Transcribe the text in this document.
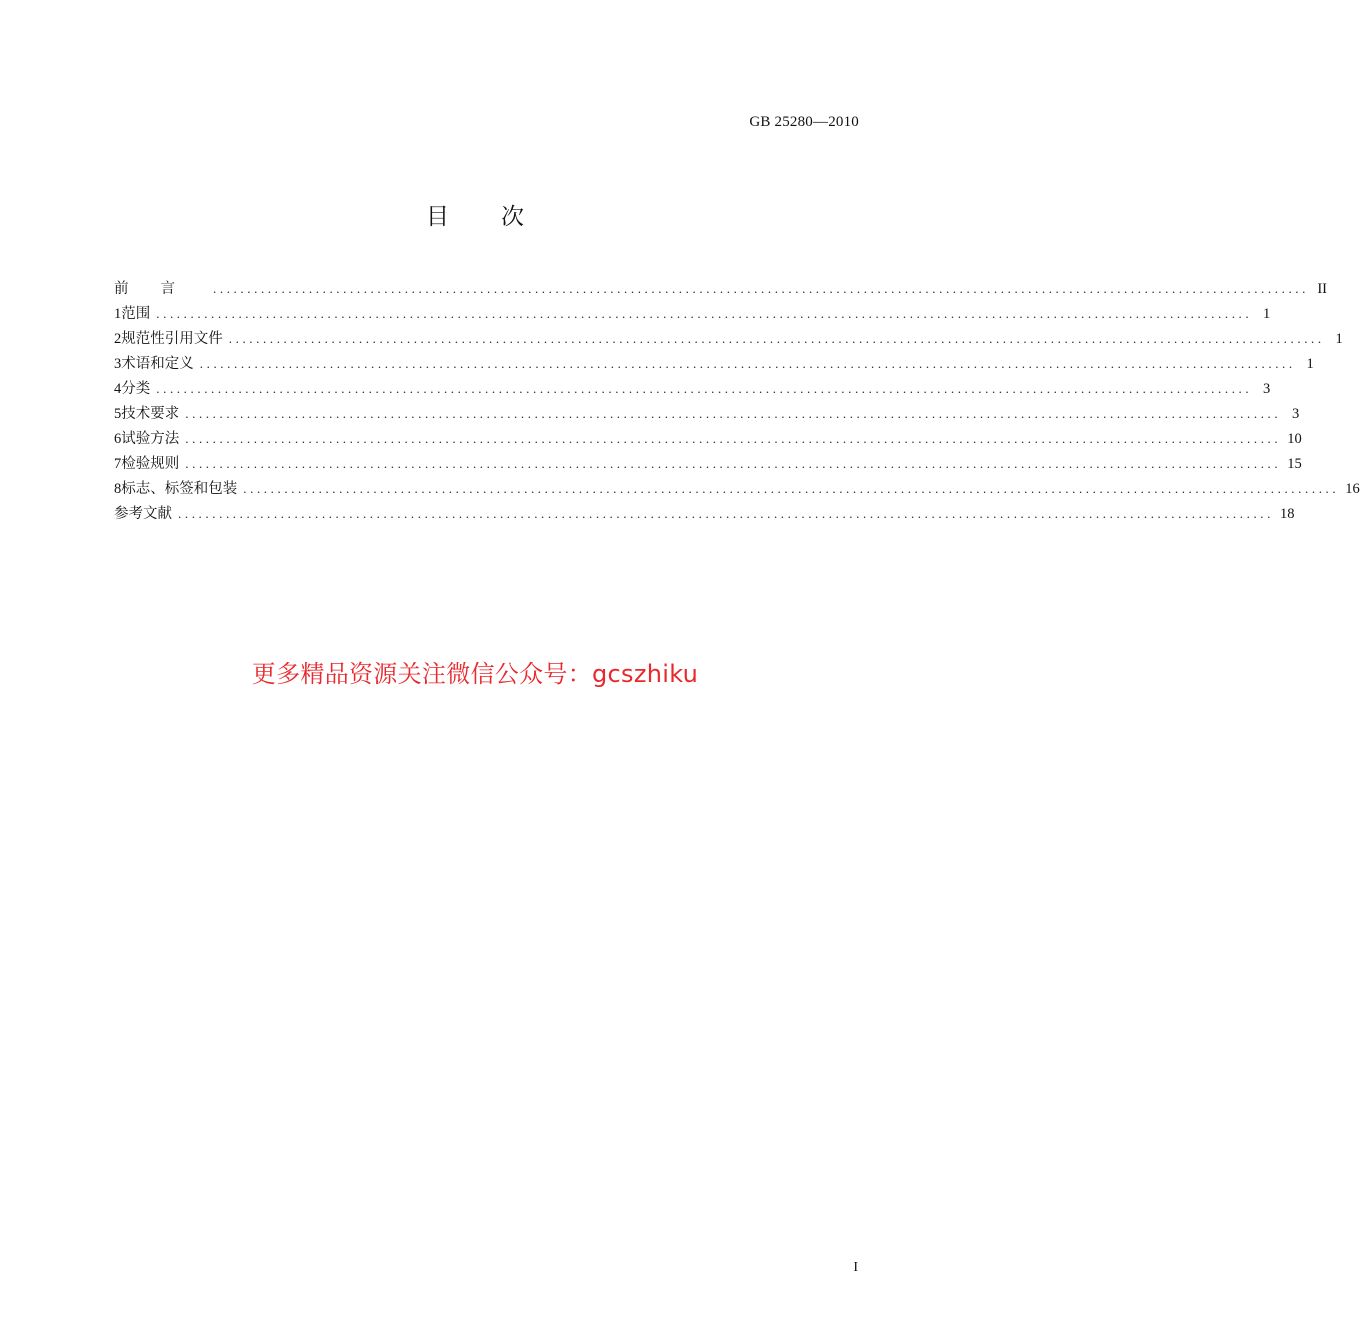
GB 25280—2010
目 次
前言 ................................................................................................................................................................ II
1 范围 ................................................................................................................................................................ 1
2 规范性引用文件 ................................................................................................................................................................ 1
3 术语和定义 ................................................................................................................................................................ 1
4 分类 ................................................................................................................................................................ 3
5 技术要求 ................................................................................................................................................................ 3
6 试验方法 ................................................................................................................................................................ 10
7 检验规则 ................................................................................................................................................................ 15
8 标志、标签和包装 ................................................................................................................................................................ 16
参考文献 ................................................................................................................................................................ 18
更多精品资源关注微信公众号：gcszhiku
I
